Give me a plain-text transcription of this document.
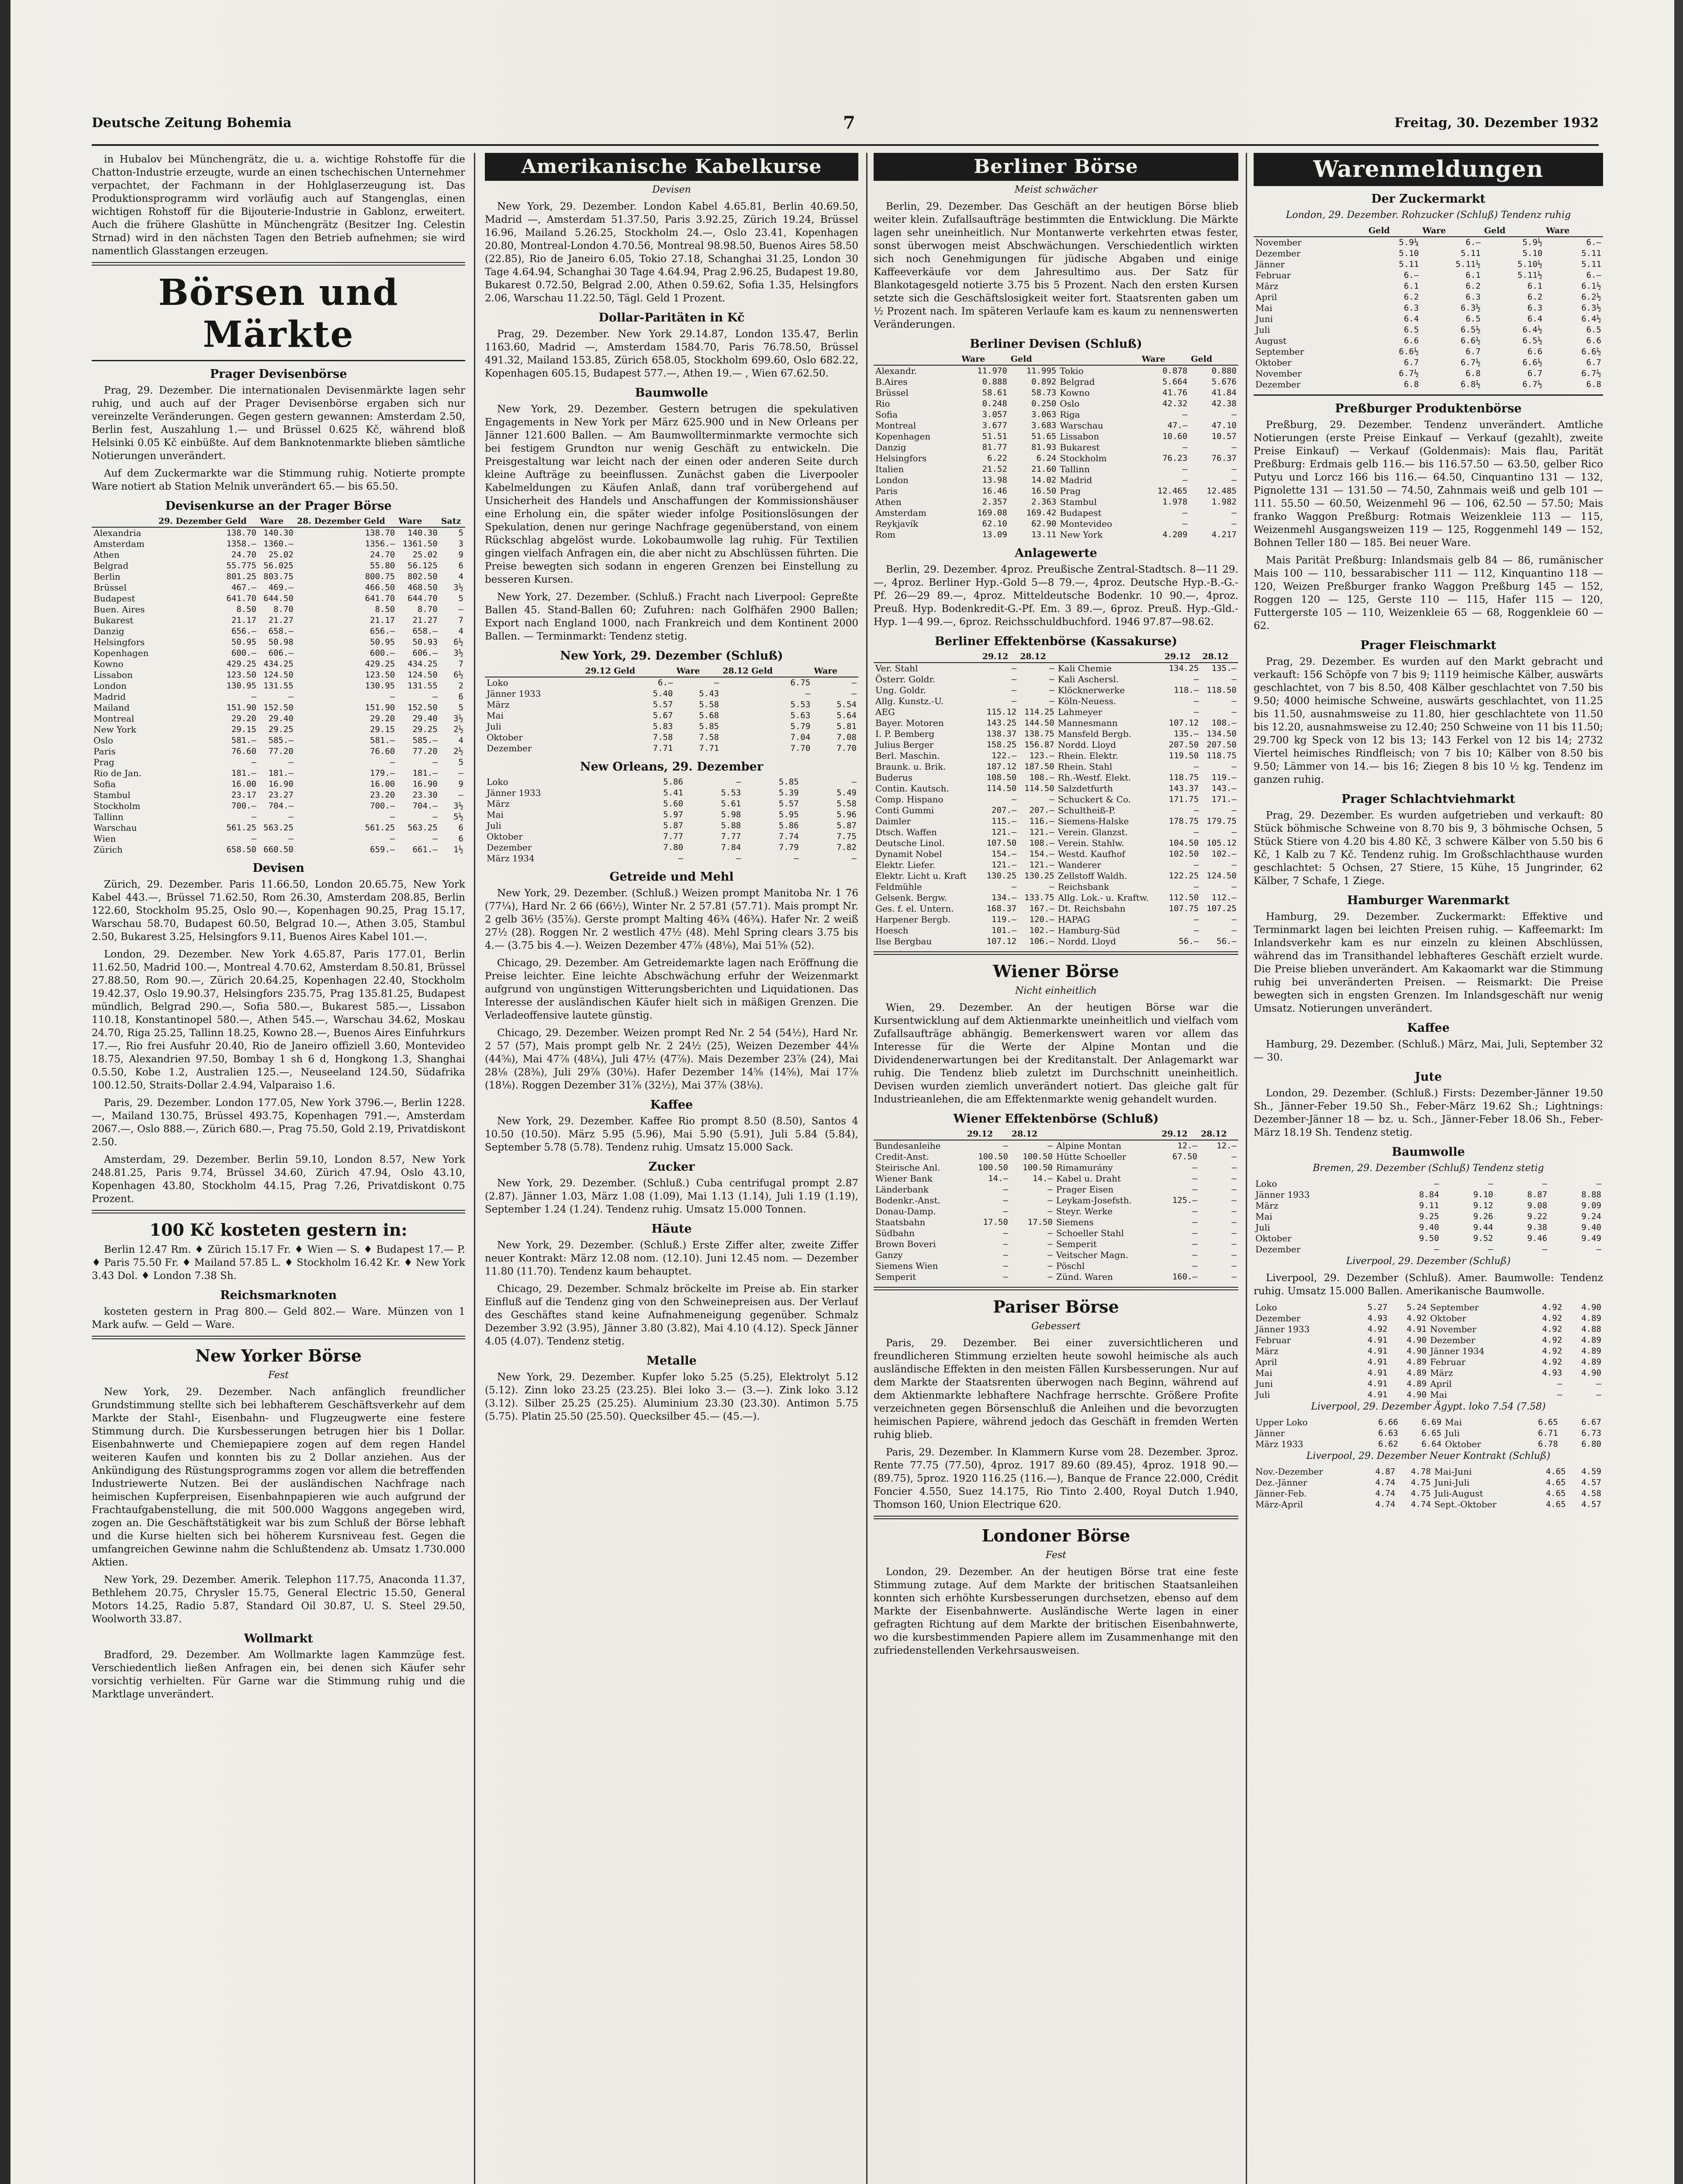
Deutsche Zeitung Bohemia	7	Freitag, 30. Dezember 1932

in Hubalov bei Münchengrätz, die u. a. wichtige Rohstoffe für die Chatton-Industrie erzeugte, wurde an einen tschechischen Unternehmer verpachtet, der Fachmann in der Hohlglaserzeugung ist. Das Produktionsprogramm wird vorläufig auch auf Stangenglas, einen wichtigen Rohstoff für die Bijouterie-Industrie in Gablonz, erweitert. Auch die frühere Glashütte in Münchengrätz (Besitzer Ing. Celestin Strnad) wird in den nächsten Tagen den Betrieb aufnehmen; sie wird namentlich Glasstangen erzeugen.

Börsen und Märkte
Prager Devisenbörse

Prag, 29. Dezember. Die internationalen Devisenmärkte lagen sehr ruhig, und auch auf der Prager Devisenbörse ergaben sich nur vereinzelte Veränderungen. Gegen gestern gewannen: Amsterdam 2.50, Berlin fest, Auszahlung 1.— und Brüssel 0.625 Kč, während bloß Helsinki 0.05 Kč einbüßte. Auf dem Banknotenmarkte blieben sämtliche Notierungen unverändert.

Auf dem Zuckermarkte war die Stimmung ruhig. Notierte prompte Ware notiert ab Station Melnik unverändert 65.— bis 65.50.

Devisenkurse an der Prager Börse
	29. Dezember Geld	Ware	28. Dezember Geld	Ware	Satz
Alexandria	138.70	140.30	138.70	140.30	5
Amsterdam	1358.—	1360.—	1356.—	1361.50	3
Athen	24.70	25.02	24.70	25.02	9
Belgrad	55.775	56.025	55.80	56.125	6
Berlin	801.25	803.75	800.75	802.50	4
Brüssel	467.—	469.—	466.50	468.50	3½
Budapest	641.70	644.50	641.70	644.70	5
Buen. Aires	8.50	8.70	8.50	8.70	—
Bukarest	21.17	21.27	21.17	21.27	7
Danzig	656.—	658.—	656.—	658.—	4
Helsingfors	50.95	50.98	50.95	50.93	6½
Kopenhagen	600.—	606.—	600.—	606.—	3½
Kowno	429.25	434.25	429.25	434.25	7
Lissabon	123.50	124.50	123.50	124.50	6½
London	130.95	131.55	130.95	131.55	2
Madrid	—	—	—	—	6
Mailand	151.90	152.50	151.90	152.50	5
Montreal	29.20	29.40	29.20	29.40	3½
New York	29.15	29.25	29.15	29.25	2½
Oslo	581.—	585.—	581.—	585.—	4
Paris	76.60	77.20	76.60	77.20	2½
Prag	—	—	—	—	5
Rio de Jan.	181.—	181.—	179.—	181.—	—
Sofia	16.00	16.90	16.00	16.90	9
Stambul	23.17	23.27	23.20	23.30	—
Stockholm	700.—	704.—	700.—	704.—	3½
Tallinn	—	—	—	—	5½
Warschau	561.25	563.25	561.25	563.25	6
Wien	—	—	—	—	6
Zürich	658.50	660.50	659.—	661.—	1½
Devisen

Zürich, 29. Dezember. Paris 11.66.50, London 20.65.75, New York Kabel 443.—, Brüssel 71.62.50, Rom 26.30, Amsterdam 208.85, Berlin 122.60, Stockholm 95.25, Oslo 90.—, Kopenhagen 90.25, Prag 15.17, Warschau 58.70, Budapest 60.50, Belgrad 10.—, Athen 3.05, Stambul 2.50, Bukarest 3.25, Helsingfors 9.11, Buenos Aires Kabel 101.—.

London, 29. Dezember. New York 4.65.87, Paris 177.01, Berlin 11.62.50, Madrid 100.—, Montreal 4.70.62, Amsterdam 8.50.81, Brüssel 27.88.50, Rom 90.—, Zürich 20.64.25, Kopenhagen 22.40, Stockholm 19.42.37, Oslo 19.90.37, Helsingfors 235.75, Prag 135.81.25, Budapest mündlich, Belgrad 290.—, Sofia 580.—, Bukarest 585.—, Lissabon 110.18, Konstantinopel 580.—, Athen 545.—, Warschau 34.62, Moskau 24.70, Riga 25.25, Tallinn 18.25, Kowno 28.—, Buenos Aires Einfuhrkurs 17.—, Rio frei Ausfuhr 20.40, Rio de Janeiro offiziell 3.60, Montevideo 18.75, Alexandrien 97.50, Bombay 1 sh 6 d, Hongkong 1.3, Shanghai 0.5.50, Kobe 1.2, Australien 125.—, Neuseeland 124.50, Südafrika 100.12.50, Straits-Dollar 2.4.94, Valparaiso 1.6.

Paris, 29. Dezember. London 177.05, New York 3796.—, Berlin 1228.—, Mailand 130.75, Brüssel 493.75, Kopenhagen 791.—, Amsterdam 2067.—, Oslo 888.—, Zürich 680.—, Prag 75.50, Gold 2.19, Privatdiskont 2.50.

Amsterdam, 29. Dezember. Berlin 59.10, London 8.57, New York 248.81.25, Paris 9.74, Brüssel 34.60, Zürich 47.94, Oslo 43.10, Kopenhagen 43.80, Stockholm 44.15, Prag 7.26, Privatdiskont 0.75 Prozent.

100 Kč kosteten gestern in:

Berlin 12.47 Rm. ♦ Zürich 15.17 Fr. ♦ Wien — S. ♦ Budapest 17.— P. ♦ Paris 75.50 Fr. ♦ Mailand 57.85 L. ♦ Stockholm 16.42 Kr. ♦ New York 3.43 Dol. ♦ London 7.38 Sh.

Reichsmarknoten

kosteten gestern in Prag 800.— Geld 802.— Ware. Münzen von 1 Mark aufw. — Geld — Ware.

New Yorker Börse
Fest

New York, 29. Dezember. Nach anfänglich freundlicher Grundstimmung stellte sich bei lebhafterem Geschäftsverkehr auf dem Markte der Stahl-, Eisenbahn- und Flugzeugwerte eine festere Stimmung durch. Die Kursbesserungen betrugen hier bis 1 Dollar. Eisenbahnwerte und Chemiepapiere zogen auf dem regen Handel weiteren Kaufen und konnten bis zu 2 Dollar anziehen. Aus der Ankündigung des Rüstungsprogramms zogen vor allem die betreffenden Industriewerte Nutzen. Bei der ausländischen Nachfrage nach heimischen Kupferpreisen, Eisenbahnpapieren wie auch aufgrund der Frachtaufgabenstellung, die mit 500.000 Waggons angegeben wird, zogen an. Die Geschäftstätigkeit war bis zum Schluß der Börse lebhaft und die Kurse hielten sich bei höherem Kursniveau fest. Gegen die umfangreichen Gewinne nahm die Schlußtendenz ab. Umsatz 1.730.000 Aktien.

New York, 29. Dezember. Amerik. Telephon 117.75, Anaconda 11.37, Bethlehem 20.75, Chrysler 15.75, General Electric 15.50, General Motors 14.25, Radio 5.87, Standard Oil 30.87, U. S. Steel 29.50, Woolworth 33.87.

Wollmarkt

Bradford, 29. Dezember. Am Wollmarkte lagen Kammzüge fest. Verschiedentlich ließen Anfragen ein, bei denen sich Käufer sehr vorsichtig verhielten. Für Garne war die Stimmung ruhig und die Marktlage unverändert.

Amerikanische Kabelkurse
Devisen

New York, 29. Dezember. London Kabel 4.65.81, Berlin 40.69.50, Madrid —, Amsterdam 51.37.50, Paris 3.92.25, Zürich 19.24, Brüssel 16.96, Mailand 5.26.25, Stockholm 24.—, Oslo 23.41, Kopenhagen 20.80, Montreal-London 4.70.56, Montreal 98.98.50, Buenos Aires 58.50 (22.85), Rio de Janeiro 6.05, Tokio 27.18, Schanghai 31.25, London 30 Tage 4.64.94, Schanghai 30 Tage 4.64.94, Prag 2.96.25, Budapest 19.80, Bukarest 0.72.50, Belgrad 2.00, Athen 0.59.62, Sofia 1.35, Helsingfors 2.06, Warschau 11.22.50, Tägl. Geld 1 Prozent.

Dollar-Paritäten in Kč

Prag, 29. Dezember. New York 29.14.87, London 135.47, Berlin 1163.60, Madrid —, Amsterdam 1584.70, Paris 76.78.50, Brüssel 491.32, Mailand 153.85, Zürich 658.05, Stockholm 699.60, Oslo 682.22, Kopenhagen 605.15, Budapest 577.—, Athen 19.— , Wien 67.62.50.

Baumwolle

New York, 29. Dezember. Gestern betrugen die spekulativen Engagements in New York per März 625.900 und in New Orleans per Jänner 121.600 Ballen. — Am Baumwollterminmarkte vermochte sich bei festigem Grundton nur wenig Geschäft zu entwickeln. Die Preisgestaltung war leicht nach der einen oder anderen Seite durch kleine Aufträge zu beeinflussen. Zunächst gaben die Liverpooler Kabelmeldungen zu Käufen Anlaß, dann traf vorübergehend auf Unsicherheit des Handels und Anschaffungen der Kommissionshäuser eine Erholung ein, die später wieder infolge Positionslösungen der Spekulation, denen nur geringe Nachfrage gegenüberstand, von einem Rückschlag abgelöst wurde. Lokobaumwolle lag ruhig. Für Textilien gingen vielfach Anfragen ein, die aber nicht zu Abschlüssen führten. Die Preise bewegten sich sodann in engeren Grenzen bei Einstellung zu besseren Kursen.

New York, 27. Dezember. (Schluß.) Fracht nach Liverpool: Gepreßte Ballen 45. Stand-Ballen 60; Zufuhren: nach Golfhäfen 2900 Ballen; Export nach England 1000, nach Frankreich und dem Kontinent 2000 Ballen. — Terminmarkt: Tendenz stetig.

New York, 29. Dezember (Schluß)
	29.12 Geld	Ware	28.12 Geld	Ware
Loko	6.—	—	6.75	—
Jänner 1933	5.40	5.43	—	—
März	5.57	5.58	5.53	5.54
Mai	5.67	5.68	5.63	5.64
Juli	5.83	5.85	5.79	5.81
Oktober	7.58	7.58	7.04	7.08
Dezember	7.71	7.71	7.70	7.70
New Orleans, 29. Dezember
Loko	5.86	—	5.85	—
Jänner 1933	5.41	5.53	5.39	5.49
März	5.60	5.61	5.57	5.58
Mai	5.97	5.98	5.95	5.96
Juli	5.87	5.88	5.86	5.87
Oktober	7.77	7.77	7.74	7.75
Dezember	7.80	7.84	7.79	7.82
März 1934	—	—	—	—
Getreide und Mehl

New York, 29. Dezember. (Schluß.) Weizen prompt Manitoba Nr. 1 76 (77¼), Hard Nr. 2 66 (66½), Winter Nr. 2 57.81 (57.71). Mais prompt Nr. 2 gelb 36½ (35⅞). Gerste prompt Malting 46¾ (46¾). Hafer Nr. 2 weiß 27½ (28). Roggen Nr. 2 westlich 47½ (48). Mehl Spring clears 3.75 bis 4.— (3.75 bis 4.—). Weizen Dezember 47⅞ (48⅛), Mai 51⅝ (52).

Chicago, 29. Dezember. Am Getreidemarkte lagen nach Eröffnung die Preise leichter. Eine leichte Abschwächung erfuhr der Weizenmarkt aufgrund von ungünstigen Witterungsberichten und Liquidationen. Das Interesse der ausländischen Käufer hielt sich in mäßigen Grenzen. Die Verladeoffensive lautete günstig.

Chicago, 29. Dezember. Weizen prompt Red Nr. 2 54 (54½), Hard Nr. 2 57 (57), Mais prompt gelb Nr. 2 24½ (25), Weizen Dezember 44⅛ (44⅝), Mai 47⅞ (48¼), Juli 47½ (47⅞). Mais Dezember 23⅞ (24), Mai 28⅛ (28⅜), Juli 29⅞ (30⅛). Hafer Dezember 14⅝ (14⅝), Mai 17⅞ (18⅛). Roggen Dezember 31⅞ (32½), Mai 37⅞ (38⅛).

Kaffee

New York, 29. Dezember. Kaffee Rio prompt 8.50 (8.50), Santos 4 10.50 (10.50). März 5.95 (5.96), Mai 5.90 (5.91), Juli 5.84 (5.84), September 5.78 (5.78). Tendenz ruhig. Umsatz 15.000 Sack.

Zucker

New York, 29. Dezember. (Schluß.) Cuba centrifugal prompt 2.87 (2.87). Jänner 1.03, März 1.08 (1.09), Mai 1.13 (1.14), Juli 1.19 (1.19), September 1.24 (1.24). Tendenz ruhig. Umsatz 15.000 Tonnen.

Häute

New York, 29. Dezember. (Schluß.) Erste Ziffer alter, zweite Ziffer neuer Kontrakt: März 12.08 nom. (12.10). Juni 12.45 nom. — Dezember 11.80 (11.70). Tendenz kaum behauptet.

Chicago, 29. Dezember. Schmalz bröckelte im Preise ab. Ein starker Einfluß auf die Tendenz ging von den Schweinepreisen aus. Der Verlauf des Geschäftes stand keine Aufnahmeneigung gegenüber. Schmalz Dezember 3.92 (3.95), Jänner 3.80 (3.82), Mai 4.10 (4.12). Speck Jänner 4.05 (4.07). Tendenz stetig.

Metalle

New York, 29. Dezember. Kupfer loko 5.25 (5.25), Elektrolyt 5.12 (5.12). Zinn loko 23.25 (23.25). Blei loko 3.— (3.—). Zink loko 3.12 (3.12). Silber 25.25 (25.25). Aluminium 23.30 (23.30). Antimon 5.75 (5.75). Platin 25.50 (25.50). Quecksilber 45.— (45.—).

Berliner Börse
Meist schwächer

Berlin, 29. Dezember. Das Geschäft an der heutigen Börse blieb weiter klein. Zufallsaufträge bestimmten die Entwicklung. Die Märkte lagen sehr uneinheitlich. Nur Montanwerte verkehrten etwas fester, sonst überwogen meist Abschwächungen. Verschiedentlich wirkten sich noch Genehmigungen für jüdische Abgaben und einige Kaffeeverkäufe vor dem Jahresultimo aus. Der Satz für Blankotagesgeld notierte 3.75 bis 5 Prozent. Nach den ersten Kursen setzte sich die Geschäftslosigkeit weiter fort. Staatsrenten gaben um ½ Prozent nach. Im späteren Verlaufe kam es kaum zu nennenswerten Veränderungen.

Berliner Devisen (Schluß)
	Ware	Geld		Ware	Geld
Alexandr.	11.970	11.995	Tokio	0.878	0.880
B.Aires	0.888	0.892	Belgrad	5.664	5.676
Brüssel	58.61	58.73	Kowno	41.76	41.84
Rio	0.248	0.250	Oslo	42.32	42.38
Sofia	3.057	3.063	Riga	—	—
Montreal	3.677	3.683	Warschau	47.—	47.10
Kopenhagen	51.51	51.65	Lissabon	10.60	10.57
Danzig	81.77	81.93	Bukarest	—	—
Helsingfors	6.22	6.24	Stockholm	76.23	76.37
Italien	21.52	21.60	Tallinn	—	—
London	13.98	14.02	Madrid	—	—
Paris	16.46	16.50	Prag	12.465	12.485
Athen	2.357	2.363	Stambul	1.978	1.982
Amsterdam	169.08	169.42	Budapest	—	—
Reykjavík	62.10	62.90	Montevideo	—	—
Rom	13.09	13.11	New York	4.209	4.217
Anlagewerte

Berlin, 29. Dezember. 4proz. Preußische Zentral-Stadtsch. 8—11 29.—, 4proz. Berliner Hyp.-Gold 5—8 79.—, 4proz. Deutsche Hyp.-B.-G.-Pf. 26—29 89.—, 4proz. Mitteldeutsche Bodenkr. 10 90.—, 4proz. Preuß. Hyp. Bodenkredit-G.-Pf. Em. 3 89.—, 6proz. Preuß. Hyp.-Gld.-Hyp. 1—4 99.—, 6proz. Reichsschuldbuchford. 1946 97.87—98.62.

Berliner Effektenbörse (Kassakurse)
	29.12	28.12		29.12	28.12
Ver. Stahl	—	—	Kali Chemie	134.25	135.—
Österr. Goldr.	—	—	Kali Aschersl.	—	—
Ung. Goldr.	—	—	Klöcknerwerke	118.—	118.50
Allg. Kunstz.-U.	—	—	Köln-Neuess.	—	—
AEG	115.12	114.25	Lahmeyer	—	—
Bayer. Motoren	143.25	144.50	Mannesmann	107.12	108.—
I. P. Bemberg	138.37	138.75	Mansfeld Bergb.	135.—	134.50
Julius Berger	158.25	156.87	Nordd. Lloyd	207.50	207.50
Berl. Maschin.	122.—	123.—	Rhein. Elektr.	119.50	118.75
Braunk. u. Brik.	187.12	187.50	Rhein. Stahl	—	—
Buderus	108.50	108.—	Rh.-Westf. Elekt.	118.75	119.—
Contin. Kautsch.	114.50	114.50	Salzdetfurth	143.37	143.—
Comp. Hispano	—	—	Schuckert & Co.	171.75	171.—
Conti Gummi	207.—	207.—	Schultheiß-P.	—	—
Daimler	115.—	116.—	Siemens-Halske	178.75	179.75
Dtsch. Waffen	121.—	121.—	Verein. Glanzst.	—	—
Deutsche Linol.	107.50	108.—	Verein. Stahlw.	104.50	105.12
Dynamit Nobel	154.—	154.—	Westd. Kaufhof	102.50	102.—
Elektr. Liefer.	121.—	121.—	Wanderer	—	—
Elektr. Licht u. Kraft	130.25	130.25	Zellstoff Waldh.	122.25	124.50
Feldmühle	—	—	Reichsbank	—	—
Gelsenk. Bergw.	134.—	133.75	Allg. Lok.- u. Kraftw.	112.50	112.—
Ges. f. el. Untern.	168.37	167.—	Dt. Reichsbahn	107.75	107.25
Harpener Bergb.	119.—	120.—	HAPAG	—	—
Hoesch	101.—	102.—	Hamburg-Süd	—	—
Ilse Bergbau	107.12	106.—	Nordd. Lloyd	56.—	56.—
Wiener Börse
Nicht einheitlich

Wien, 29. Dezember. An der heutigen Börse war die Kursentwicklung auf dem Aktienmarkte uneinheitlich und vielfach vom Zufallsaufträge abhängig. Bemerkenswert waren vor allem das Interesse für die Werte der Alpine Montan und die Dividendenerwartungen bei der Kreditanstalt. Der Anlagemarkt war ruhig. Die Tendenz blieb zuletzt im Durchschnitt uneinheitlich. Devisen wurden ziemlich unverändert notiert. Das gleiche galt für Industrieanlehen, die am Effektenmarkte wenig gehandelt wurden.

Wiener Effektenbörse (Schluß)
	29.12	28.12		29.12	28.12
Bundesanleihe	—	—	Alpine Montan	12.—	12.—
Credit-Anst.	100.50	100.50	Hütte Schoeller	67.50	—
Steirische Anl.	100.50	100.50	Rimamurány	—	—
Wiener Bank	14.—	14.—	Kabel u. Draht	—	—
Länderbank	—	—	Prager Eisen	—	—
Bodenkr.-Anst.	—	—	Leykam-Josefsth.	125.—	—
Donau-Damp.	—	—	Steyr. Werke	—	—
Staatsbahn	17.50	17.50	Siemens	—	—
Südbahn	—	—	Schoeller Stahl	—	—
Brown Boveri	—	—	Semperit	—	—
Ganzy	—	—	Veitscher Magn.	—	—
Siemens Wien	—	—	Pöschl	—	—
Semperit	—	—	Zünd. Waren	160.—	—
Pariser Börse
Gebessert

Paris, 29. Dezember. Bei einer zuversichtlicheren und freundlicheren Stimmung erzielten heute sowohl heimische als auch ausländische Effekten in den meisten Fällen Kursbesserungen. Nur auf dem Markte der Staatsrenten überwogen nach Beginn, während auf dem Aktienmarkte lebhaftere Nachfrage herrschte. Größere Profite verzeichneten gegen Börsenschluß die Anleihen und die bevorzugten heimischen Papiere, während jedoch das Geschäft in fremden Werten ruhig blieb.

Paris, 29. Dezember. In Klammern Kurse vom 28. Dezember. 3proz. Rente 77.75 (77.50), 4proz. 1917 89.60 (89.45), 4proz. 1918 90.— (89.75), 5proz. 1920 116.25 (116.—), Banque de France 22.000, Crédit Foncier 4.550, Suez 14.175, Rio Tinto 2.400, Royal Dutch 1.940, Thomson 160, Union Electrique 620.

Londoner Börse
Fest

London, 29. Dezember. An der heutigen Börse trat eine feste Stimmung zutage. Auf dem Markte der britischen Staatsanleihen konnten sich erhöhte Kursbesserungen durchsetzen, ebenso auf dem Markte der Eisenbahnwerte. Ausländische Werte lagen in einer gefragten Richtung auf dem Markte der britischen Eisenbahnwerte, wo die kursbestimmenden Papiere allem im Zusammenhange mit den zufriedenstellenden Verkehrsausweisen.

Warenmeldungen
Der Zuckermarkt
London, 29. Dezember. Rohzucker (Schluß) Tendenz ruhig
	Geld	Ware	Geld	Ware
November	5.9¼	6.—	5.9½	6.—
Dezember	5.10	5.11	5.10	5.11
Jänner	5.11	5.11½	5.10½	5.11
Februar	6.—	6.1	5.11½	6.—
März	6.1	6.2	6.1	6.1½
April	6.2	6.3	6.2	6.2½
Mai	6.3	6.3½	6.3	6.3½
Juni	6.4	6.5	6.4	6.4½
Juli	6.5	6.5½	6.4½	6.5
August	6.6	6.6½	6.5½	6.6
September	6.6½	6.7	6.6	6.6½
Oktober	6.7	6.7½	6.6½	6.7
November	6.7½	6.8	6.7	6.7½
Dezember	6.8	6.8½	6.7½	6.8
Preßburger Produktenbörse

Preßburg, 29. Dezember. Tendenz unverändert. Amtliche Notierungen (erste Preise Einkauf — Verkauf (gezahlt), zweite Preise Einkauf) — Verkauf (Goldenmais): Mais flau, Parität Preßburg: Erdmais gelb 116.— bis 116.57.50 — 63.50, gelber Rico Putyu und Lorcz 166 bis 116.— 64.50, Cinquantino 131 — 132, Pignolette 131 — 131.50 — 74.50, Zahnmais weiß und gelb 101 — 111. 55.50 — 60.50, Weizenmehl 96 — 106, 62.50 — 57.50; Mais franko Waggon Preßburg: Rotmais Weizenkleie 113 — 115, Weizenmehl Ausgangsweizen 119 — 125, Roggenmehl 149 — 152, Bohnen Teller 180 — 185. Bei neuer Ware.

Mais Parität Preßburg: Inlandsmais gelb 84 — 86, rumänischer Mais 100 — 110, bessarabischer 111 — 112, Kinquantino 118 — 120, Weizen Preßburger franko Waggon Preßburg 145 — 152, Roggen 120 — 125, Gerste 110 — 115, Hafer 115 — 120, Futtergerste 105 — 110, Weizenkleie 65 — 68, Roggenkleie 60 — 62.

Prager Fleischmarkt

Prag, 29. Dezember. Es wurden auf den Markt gebracht und verkauft: 156 Schöpfe von 7 bis 9; 1119 heimische Kälber, auswärts geschlachtet, von 7 bis 8.50, 408 Kälber geschlachtet von 7.50 bis 9.50; 4000 heimische Schweine, auswärts geschlachtet, von 11.25 bis 11.50, ausnahmsweise zu 11.80, hier geschlachtete von 11.50 bis 12.20, ausnahmsweise zu 12.40; 250 Schweine von 11 bis 11.50; 29.700 kg Speck von 12 bis 13; 143 Ferkel von 12 bis 14; 2732 Viertel heimisches Rindfleisch; von 7 bis 10; Kälber von 8.50 bis 9.50; Lämmer von 14.— bis 16; Ziegen 8 bis 10 ½ kg. Tendenz im ganzen ruhig.

Prager Schlachtviehmarkt

Prag, 29. Dezember. Es wurden aufgetrieben und verkauft: 80 Stück böhmische Schweine von 8.70 bis 9, 3 böhmische Ochsen, 5 Stück Stiere von 4.20 bis 4.80 Kč, 3 schwere Kälber von 5.50 bis 6 Kč, 1 Kalb zu 7 Kč. Tendenz ruhig. Im Großschlachthause wurden geschlachtet: 5 Ochsen, 27 Stiere, 15 Kühe, 15 Jungrinder, 62 Kälber, 7 Schafe, 1 Ziege.

Hamburger Warenmarkt

Hamburg, 29. Dezember. Zuckermarkt: Effektive und Terminmarkt lagen bei leichten Preisen ruhig. — Kaffeemarkt: Im Inlandsverkehr kam es nur einzeln zu kleinen Abschlüssen, während das im Transithandel lebhafteres Geschäft erzielt wurde. Die Preise blieben unverändert. Am Kakaomarkt war die Stimmung ruhig bei unveränderten Preisen. — Reismarkt: Die Preise bewegten sich in engsten Grenzen. Im Inlandsgeschäft nur wenig Umsatz. Notierungen unverändert.

Kaffee

Hamburg, 29. Dezember. (Schluß.) März, Mai, Juli, September 32 — 30.

Jute

London, 29. Dezember. (Schluß.) Firsts: Dezember-Jänner 19.50 Sh., Jänner-Feber 19.50 Sh., Feber-März 19.62 Sh.; Lightnings: Dezember-Jänner 18 — bz. u. Sch., Jänner-Feber 18.06 Sh., Feber-März 18.19 Sh. Tendenz stetig.

Baumwolle
Bremen, 29. Dezember (Schluß) Tendenz stetig
Loko	—	—	—	—
Jänner 1933	8.84	9.10	8.87	8.88
März	9.11	9.12	9.08	9.09
Mai	9.25	9.26	9.22	9.24
Juli	9.40	9.44	9.38	9.40
Oktober	9.50	9.52	9.46	9.49
Dezember	—	—	—	—
Liverpool, 29. Dezember (Schluß)

Liverpool, 29. Dezember (Schluß). Amer. Baumwolle: Tendenz ruhig. Umsatz 15.000 Ballen. Amerikanische Baumwolle.

Loko	5.27	5.24	September	4.92	4.90
Dezember	4.93	4.92	Oktober	4.92	4.89
Jänner 1933	4.92	4.91	November	4.92	4.88
Februar	4.91	4.90	Dezember	4.92	4.89
März	4.91	4.90	Jänner 1934	4.92	4.89
April	4.91	4.89	Februar	4.92	4.89
Mai	4.91	4.89	März	4.93	4.90
Juni	4.91	4.89	April	—	—
Juli	4.91	4.90	Mai	—	—
Liverpool, 29. Dezember Ägypt. loko 7.54 (7.58)
Upper Loko	6.66	6.69	Mai	6.65	6.67
Jänner	6.63	6.65	Juli	6.71	6.73
März 1933	6.62	6.64	Oktober	6.78	6.80
Liverpool, 29. Dezember Neuer Kontrakt (Schluß)
Nov.-Dezember	4.87	4.78	Mai-Juni	4.65	4.59
Dez.-Jänner	4.74	4.75	Juni-Juli	4.65	4.57
Jänner-Feb.	4.74	4.75	Juli-August	4.65	4.58
März-April	4.74	4.74	Sept.-Oktober	4.65	4.57
